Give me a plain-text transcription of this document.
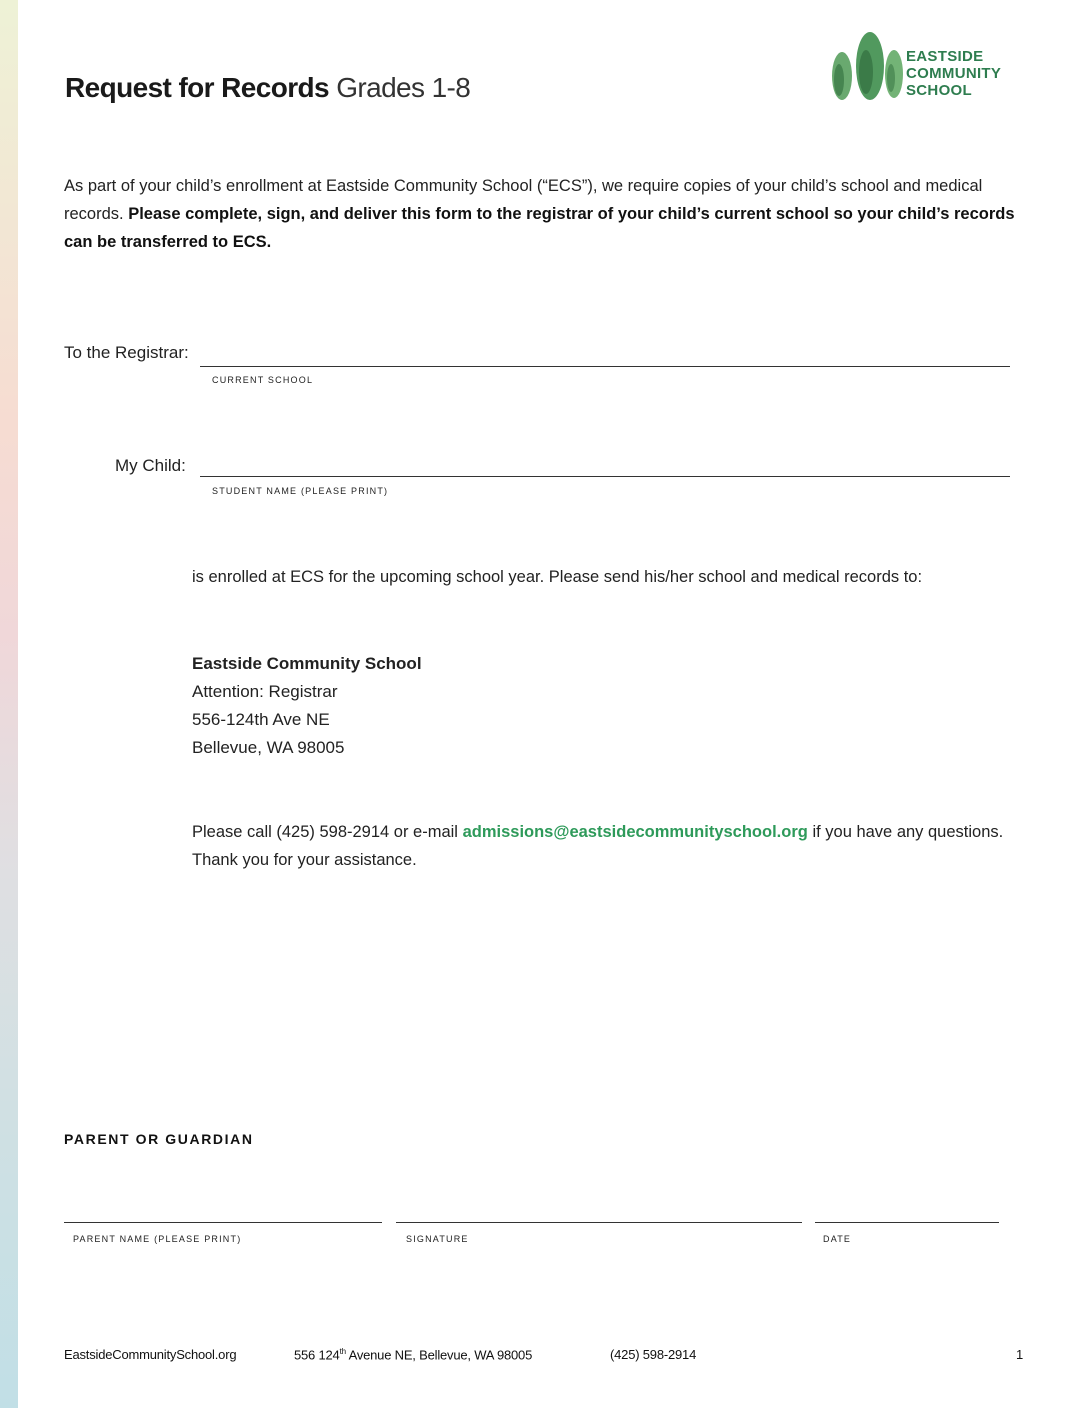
Request for Records Grades 1-8
EASTSIDE
COMMUNITY
SCHOOL

As part of your child’s enrollment at Eastside Community School (“ECS”), we require copies of your child’s school and medical records. Please complete, sign, and deliver this form to the registrar of your child’s current school so your child’s records can be transferred to ECS.

To the Registrar:
CURRENT SCHOOL
My Child:
STUDENT NAME (PLEASE PRINT)

is enrolled at ECS for the upcoming school year. Please send his/her school and medical records to:

Eastside Community School
Attention: Registrar
556-124th Ave NE
Bellevue, WA 98005

Please call (425) 598-2914 or e-mail admissions@eastsidecommunityschool.org if you have any questions.
Thank you for your assistance.

PARENT OR GUARDIAN
PARENT NAME (PLEASE PRINT)	SIGNATURE	DATE
EastsideCommunitySchool.org	556 124th Avenue NE, Bellevue, WA 98005	(425) 598-2914	1
